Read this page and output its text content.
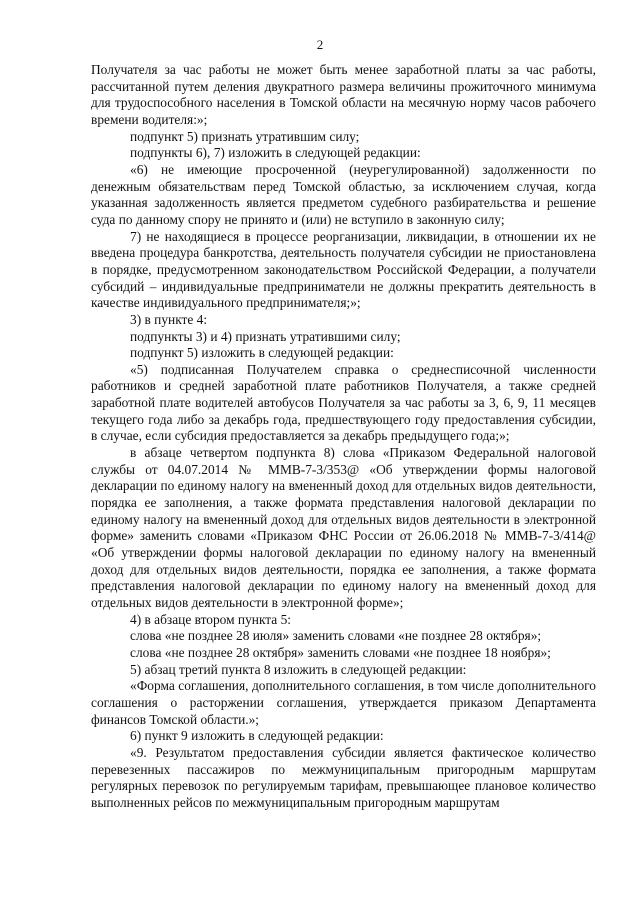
2

Получателя за час работы не может быть менее заработной платы за час работы, рассчитанной путем деления двукратного размера величины прожиточного минимума для трудоспособного населения в Томской области на месячную норму часов рабочего времени водителя:»;

подпункт 5) признать утратившим силу;

подпункты 6), 7) изложить в следующей редакции:

«6) не имеющие просроченной (неурегулированной) задолженности по денежным обязательствам перед Томской областью, за исключением случая, когда указанная задолженность является предметом судебного разбирательства и решение суда по данному спору не принято и (или) не вступило в законную силу;

7) не находящиеся в процессе реорганизации, ликвидации, в отношении их не введена процедура банкротства, деятельность получателя субсидии не приостановлена в порядке, предусмотренном законодательством Российской Федерации, а получатели субсидий – индивидуальные предприниматели не должны прекратить деятельность в качестве индивидуального предпринимателя;»;

3) в пункте 4:

подпункты 3) и 4) признать утратившими силу;

подпункт 5) изложить в следующей редакции:

«5) подписанная Получателем справка о среднесписочной численности работников и средней заработной плате работников Получателя, а также средней заработной плате водителей автобусов Получателя за час работы за 3, 6, 9, 11 месяцев текущего года либо за декабрь года, предшествующего году предоставления субсидии, в случае, если субсидия предоставляется за декабрь предыдущего года;»;

в абзаце четвертом подпункта 8) слова «Приказом Федеральной налоговой службы от 04.07.2014 № ММВ-7-3/353@ «Об утверждении формы налоговой декларации по единому налогу на вмененный доход для отдельных видов деятельности, порядка ее заполнения, а также формата представления налоговой декларации по единому налогу на вмененный доход для отдельных видов деятельности в электронной форме» заменить словами «Приказом ФНС России от 26.06.2018 № ММВ-7-3/414@ «Об утверждении формы налоговой декларации по единому налогу на вмененный доход для отдельных видов деятельности, порядка ее заполнения, а также формата представления налоговой декларации по единому налогу на вмененный доход для отдельных видов деятельности в электронной форме»;

4) в абзаце втором пункта 5:

слова «не позднее 28 июля» заменить словами «не позднее 28 октября»;

слова «не позднее 28 октября» заменить словами «не позднее 18 ноября»;

5) абзац третий пункта 8 изложить в следующей редакции:

«Форма соглашения, дополнительного соглашения, в том числе дополнительного соглашения о расторжении соглашения, утверждается приказом Департамента финансов Томской области.»;

6) пункт 9 изложить в следующей редакции:

«9. Результатом предоставления субсидии является фактическое количество перевезенных пассажиров по межмуниципальным пригородным маршрутам регулярных перевозок по регулируемым тарифам, превышающее плановое количество выполненных рейсов по межмуниципальным пригородным маршрутам
